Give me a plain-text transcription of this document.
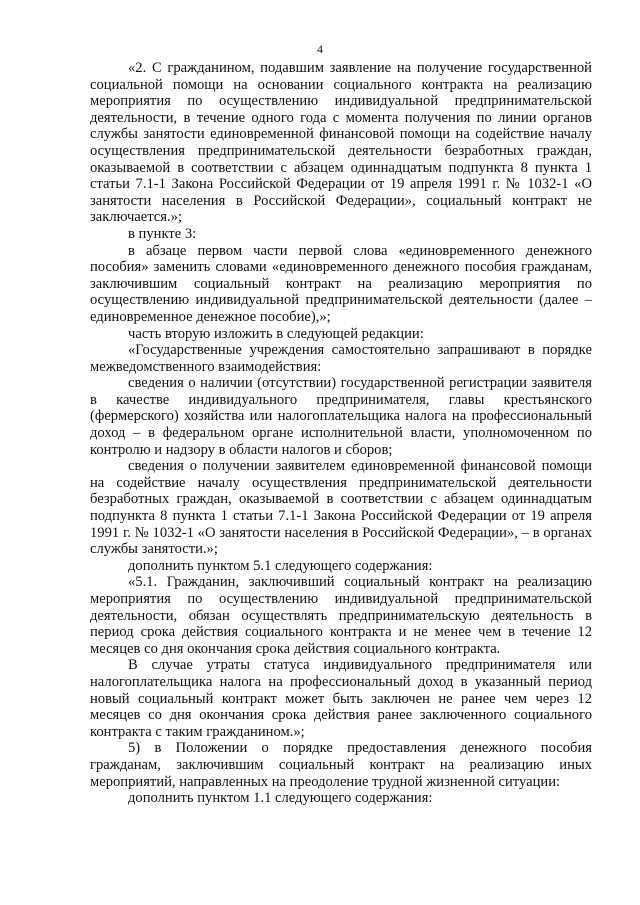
4

«2. С гражданином, подавшим заявление на получение государственной социальной помощи на основании социального контракта на реализацию мероприятия по осуществлению индивидуальной предпринимательской деятельности, в течение одного года с момента получения по линии органов службы занятости единовременной финансовой помощи на содействие началу осуществления предпринимательской деятельности безработных граждан, оказываемой в соответствии с абзацем одиннадцатым подпункта 8 пункта 1 статьи 7.1-1 Закона Российской Федерации от 19 апреля 1991 г. № 1032-1 «О занятости населения в Российской Федерации», социальный контракт не заключается.»;

в пункте 3:

в абзаце первом части первой слова «единовременного денежного пособия» заменить словами «единовременного денежного пособия гражданам, заключившим социальный контракт на реализацию мероприятия по осуществлению индивидуальной предпринимательской деятельности (далее – единовременное денежное пособие),»;

часть вторую изложить в следующей редакции:

«Государственные учреждения самостоятельно запрашивают в порядке межведомственного взаимодействия:

сведения о наличии (отсутствии) государственной регистрации заявителя в качестве индивидуального предпринимателя, главы крестьянского (фермерского) хозяйства или налогоплательщика налога на профессиональный доход – в федеральном органе исполнительной власти, уполномоченном по контролю и надзору в области налогов и сборов;

сведения о получении заявителем единовременной финансовой помощи на содействие началу осуществления предпринимательской деятельности безработных граждан, оказываемой в соответствии с абзацем одиннадцатым подпункта 8 пункта 1 статьи 7.1-1 Закона Российской Федерации от 19 апреля 1991 г. № 1032-1 «О занятости населения в Российской Федерации», – в органах службы занятости.»;

дополнить пунктом 5.1 следующего содержания:

«5.1. Гражданин, заключивший социальный контракт на реализацию мероприятия по осуществлению индивидуальной предпринимательской деятельности, обязан осуществлять предпринимательскую деятельность в период срока действия социального контракта и не менее чем в течение 12 месяцев со дня окончания срока действия социального контракта.

В случае утраты статуса индивидуального предпринимателя или налогоплательщика налога на профессиональный доход в указанный период новый социальный контракт может быть заключен не ранее чем через 12 месяцев со дня окончания срока действия ранее заключенного социального контракта с таким гражданином.»;

5) в Положении о порядке предоставления денежного пособия гражданам, заключившим социальный контракт на реализацию иных мероприятий, направленных на преодоление трудной жизненной ситуации:

дополнить пунктом 1.1 следующего содержания:
